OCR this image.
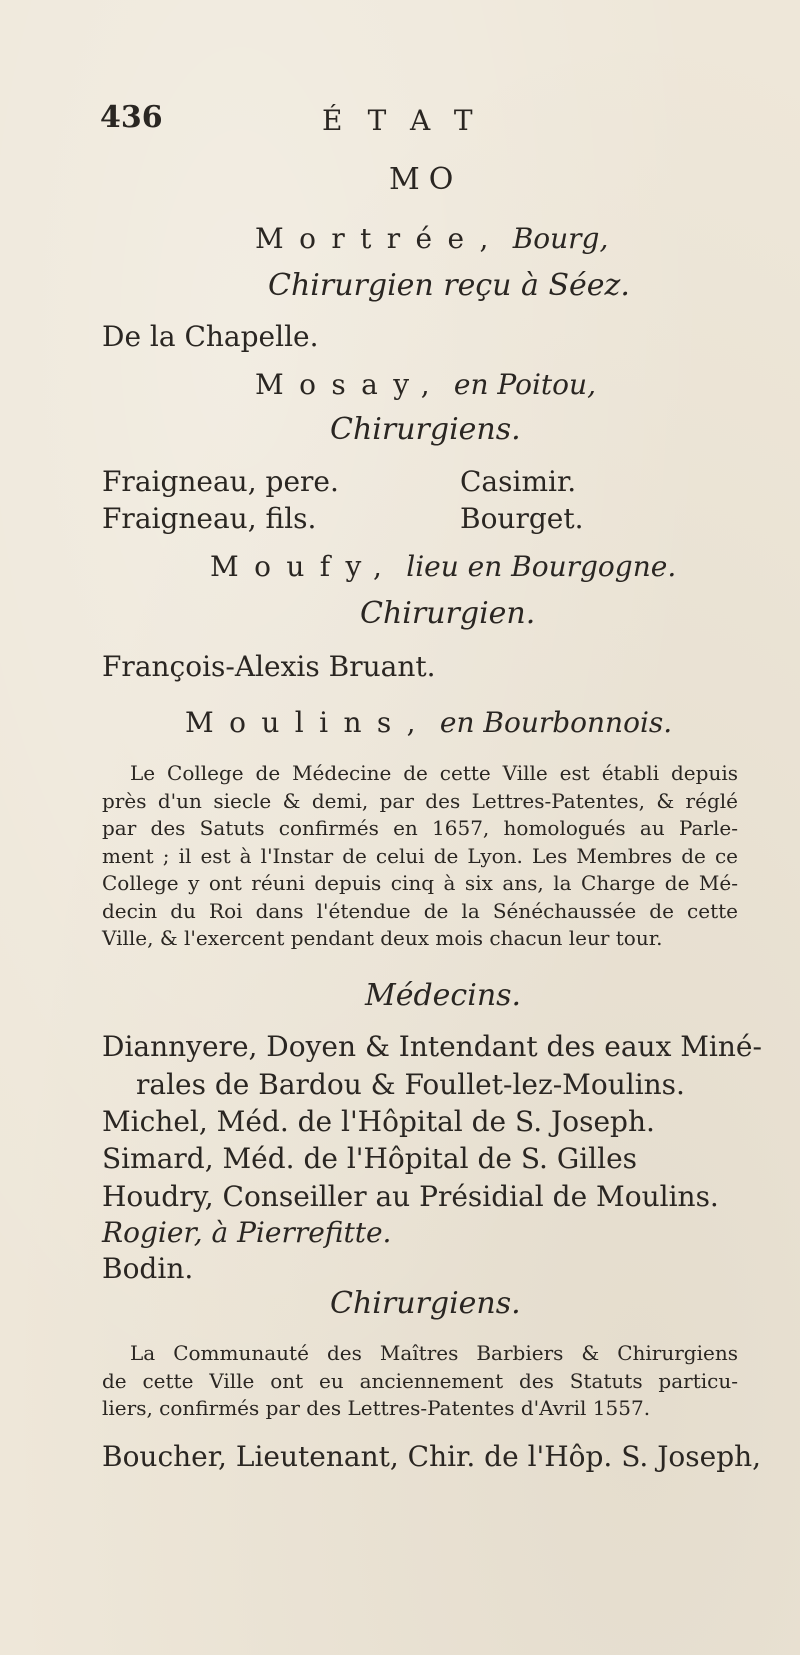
436	ÉTAT
MO
Mortrée, Bourg,
Chirurgien reçu à Séez.
De la Chapelle.
Mosay, en Poitou,
Chirurgiens.
Fraigneau, pere.
Fraigneau, fils.
Casimir.
Bourget.
Moufy, lieu en Bourgogne.
Chirurgien.
François-Alexis Bruant.
Moulins, en Bourbonnois.
Le College de Médecine de cette Ville est établi depuis
près d'un siecle & demi, par des Lettres-Patentes, & réglé
par des Satuts confirmés en 1657, homologués au Parle-
ment ; il est à l'Instar de celui de Lyon. Les Membres de ce
College y ont réuni depuis cinq à six ans, la Charge de Mé-
decin du Roi dans l'étendue de la Sénéchaussée de cette
Ville, & l'exercent pendant deux mois chacun leur tour.
Médecins.
Diannyere, Doyen & Intendant des eaux Miné-
rales de Bardou & Foullet-lez-Moulins.
Michel, Méd. de l'Hôpital de S. Joseph.
Simard, Méd. de l'Hôpital de S. Gilles
Houdry, Conseiller au Présidial de Moulins.
Rogier, à Pierrefitte.
Bodin.
Chirurgiens.
La Communauté des Maîtres Barbiers & Chirurgiens
de cette Ville ont eu anciennement des Statuts particu-
liers, confirmés par des Lettres-Patentes d'Avril 1557.
Boucher, Lieutenant, Chir. de l'Hôp. S. Joseph,
